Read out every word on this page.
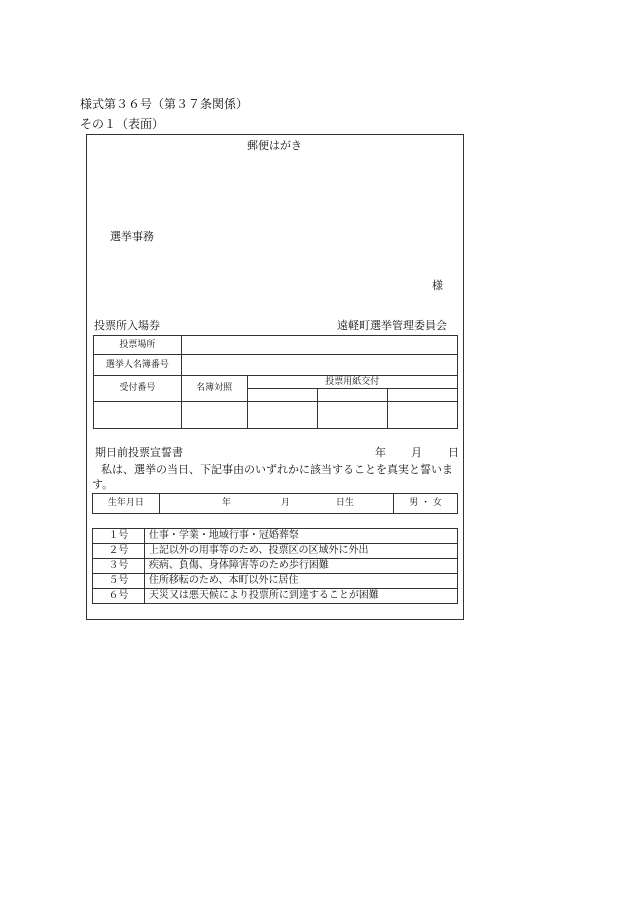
様式第３６号（第３７条関係）
その１（表面）
郵便はがき
選挙事務
様
投票所入場券	遠軽町選挙管理委員会
投票場所				
選挙人名簿番号				
受付番号	名簿対照	投票用紙交付		

期日前投票宣誓書	年 月 日
私は、選挙の当日、下記事由のいずれかに該当することを真実と誓いま
す。
生年月日	年	月	日生	男 ・ 女
１号	仕事・学業・地域行事・冠婚葬祭
２号	上記以外の用事等のため、投票区の区域外に外出
３号	疾病、負傷、身体障害等のため歩行困難
５号	住所移転のため、本町以外に居住
６号	天災又は悪天候により投票所に到達することが困難
